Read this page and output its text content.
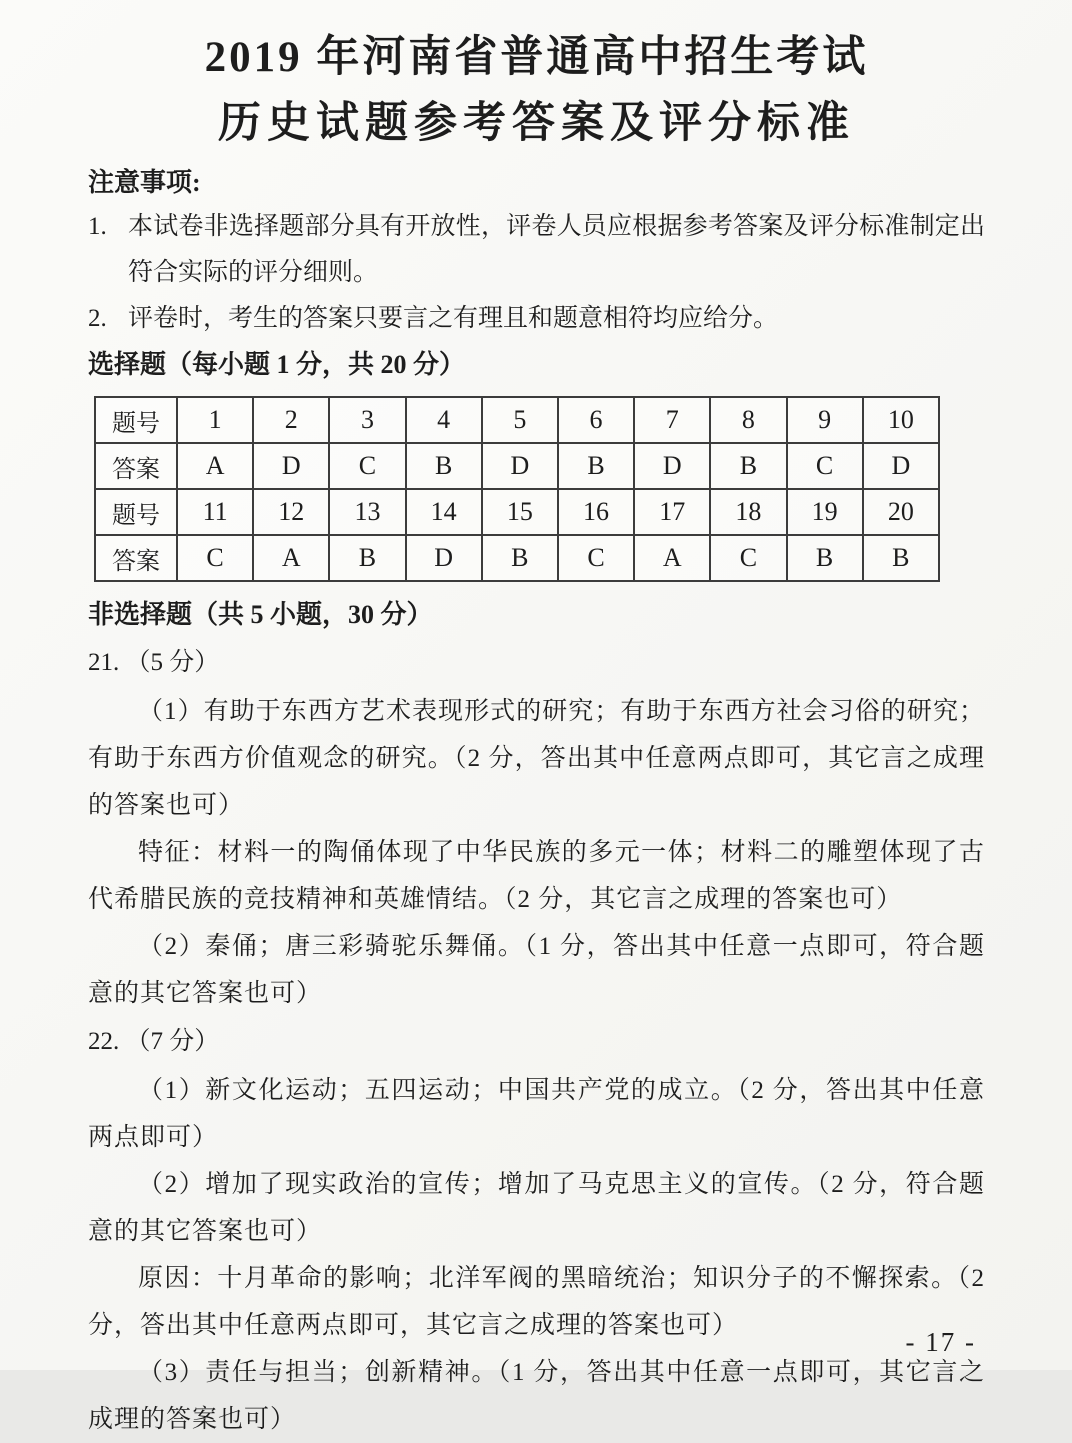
2019 年河南省普通高中招生考试
历史试题参考答案及评分标准
注意事项:
1. 本试卷非选择题部分具有开放性，评卷人员应根据参考答案及评分标准制定出符合实际的评分细则。
2. 评卷时，考生的答案只要言之有理且和题意相符均应给分。
选择题（每小题 1 分，共 20 分）
题号	1	2	3	4	5	6	7	8	9	10
答案	A	D	C	B	D	B	D	B	C	D
题号	11	12	13	14	15	16	17	18	19	20
答案	C	A	B	D	B	C	A	C	B	B
非选择题（共 5 小题，30 分）
21. （5 分）

（1）有助于东西方艺术表现形式的研究；有助于东西方社会习俗的研究；有助于东西方价值观念的研究。（2 分，答出其中任意两点即可，其它言之成理的答案也可）

特征：材料一的陶俑体现了中华民族的多元一体；材料二的雕塑体现了古代希腊民族的竞技精神和英雄情结。（2 分，其它言之成理的答案也可）

（2）秦俑；唐三彩骑驼乐舞俑。（1 分，答出其中任意一点即可，符合题意的其它答案也可）

22. （7 分）

（1）新文化运动；五四运动；中国共产党的成立。（2 分，答出其中任意两点即可）

（2）增加了现实政治的宣传；增加了马克思主义的宣传。（2 分，符合题意的其它答案也可）

原因：十月革命的影响；北洋军阀的黑暗统治；知识分子的不懈探索。（2 分，答出其中任意两点即可，其它言之成理的答案也可）

（3）责任与担当；创新精神。（1 分，答出其中任意一点即可，其它言之成理的答案也可）

- 17 -
